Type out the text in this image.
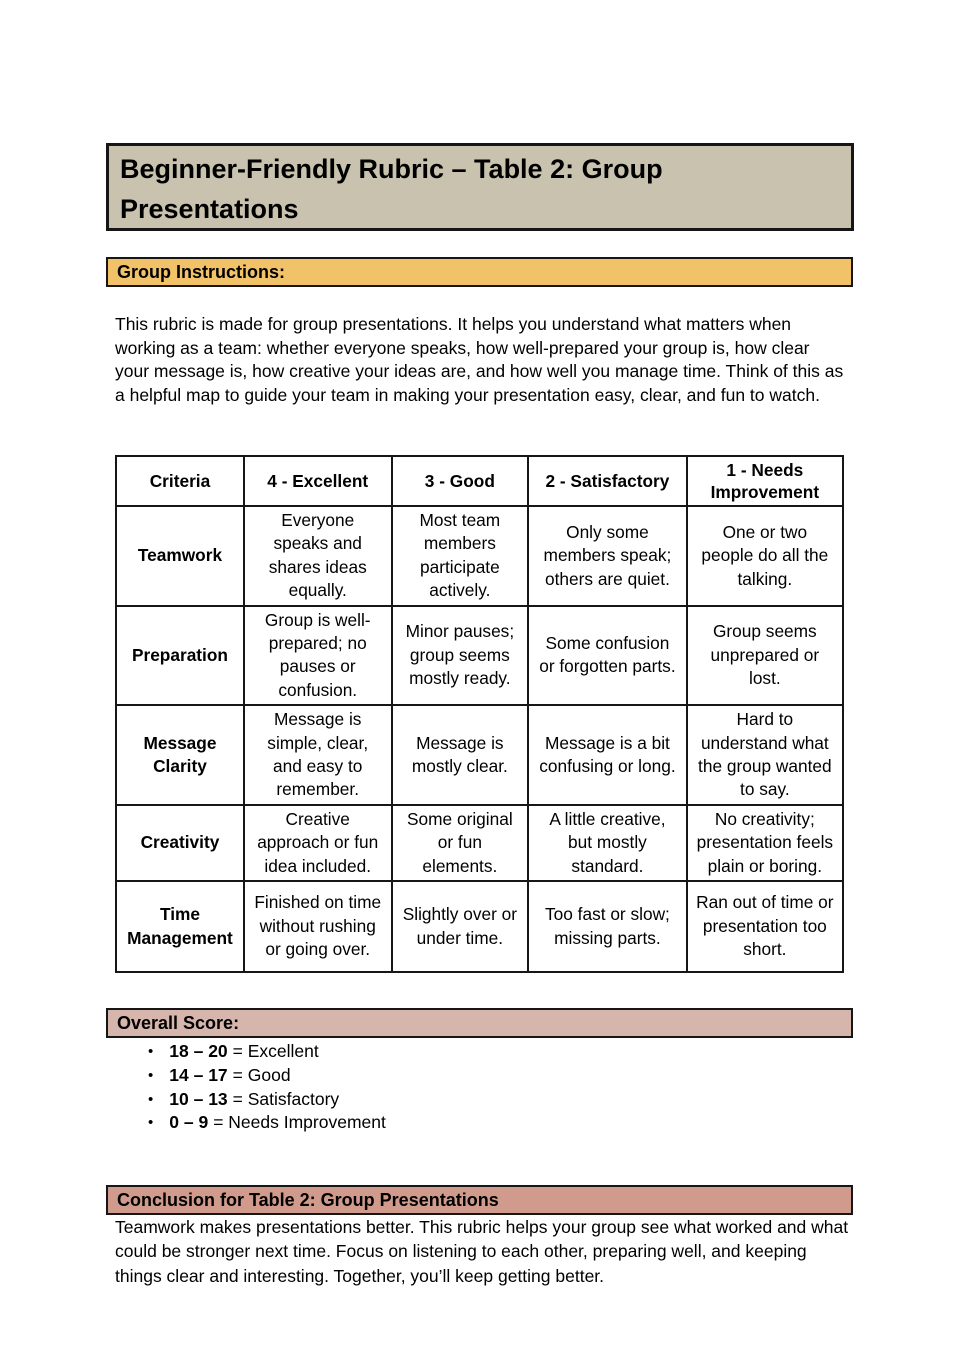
Beginner-Friendly Rubric – Table 2: Group Presentations
Group Instructions:

This rubric is made for group presentations. It helps you understand what matters when working as a team: whether everyone speaks, how well-prepared your group is, how clear your message is, how creative your ideas are, and how well you manage time. Think of this as a helpful map to guide your team in making your presentation easy, clear, and fun to watch.

Criteria	4 - Excellent	3 - Good	2 - Satisfactory	1 - Needs Improvement
Teamwork	Everyone speaks and shares ideas equally.	Most team members participate actively.	Only some members speak; others are quiet.	One or two people do all the talking.
Preparation	Group is well-prepared; no pauses or confusion.	Minor pauses; group seems mostly ready.	Some confusion or forgotten parts.	Group seems unprepared or lost.
Message Clarity	Message is simple, clear, and easy to remember.	Message is mostly clear.	Message is a bit confusing or long.	Hard to understand what the group wanted to say.
Creativity	Creative approach or fun idea included.	Some original or fun elements.	A little creative, but mostly standard.	No creativity; presentation feels plain or boring.
Time Management	Finished on time without rushing or going over.	Slightly over or under time.	Too fast or slow; missing parts.	Ran out of time or presentation too short.
Overall Score:
• 18 – 20 = Excellent
• 14 – 17 = Good
• 10 – 13 = Satisfactory
• 0 – 9 = Needs Improvement
Conclusion for Table 2: Group Presentations

Teamwork makes presentations better. This rubric helps your group see what worked and what could be stronger next time. Focus on listening to each other, preparing well, and keeping things clear and interesting. Together, you’ll keep getting better.
